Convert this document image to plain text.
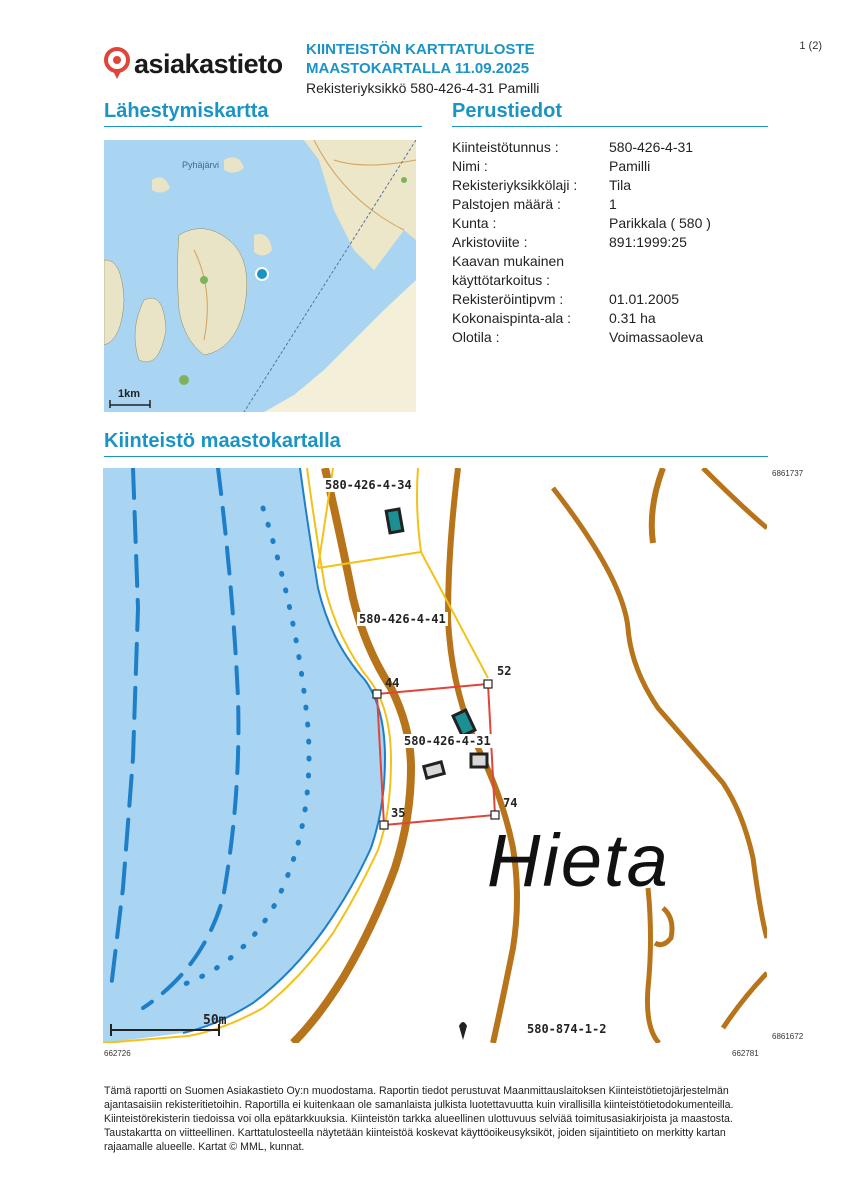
asiakastieto KIINTEISTÖN KARTTATULOSTE
MAASTOKARTALLA 11.09.2025
Rekisteriyksikkö 580-426-4-31 Pamilli
1 (2)
Lähestymiskartta	Perustiedot
Pyhäjärvi
1km
Kiinteistötunnus :	580-426-4-31
Nimi :	Pamilli
Rekisteriyksikkölaji :	Tila
Palstojen määrä :	1
Kunta :	Parikkala ( 580 )
Arkistoviite :	891:1999:25
Kaavan mukainen
käyttötarkoitus :
Rekisteröintipvm :	01.01.2005
Kokonaispinta-ala :	0.31 ha
Olotila :	Voimassaoleva
Kiinteistö maastokartalla
580-426-4-34
580-426-4-41
580-426-4-31
580-874-1-2
44
52
35
74
Hieta
50m
6861737
6861672
662726	662781
Tämä raportti on Suomen Asiakastieto Oy:n muodostama. Raportin tiedot perustuvat Maanmittauslaitoksen Kiinteistötietojärjestelmän ajantasaisiin rekisteritietoihin. Raportilla ei kuitenkaan ole samanlaista julkista luotettavuutta kuin virallisilla kiinteistötietodokumenteilla. Kiinteistörekisterin tiedoissa voi olla epätarkkuuksia. Kiinteistön tarkka alueellinen ulottuvuus selviää toimitusasiakirjoista ja maastosta. Taustakartta on viitteellinen. Karttatulosteella näytetään kiinteistöä koskevat käyttöoikeusyksiköt, joiden sijaintitieto on merkitty kartan rajaamalle alueelle. Kartat © MML, kunnat.
